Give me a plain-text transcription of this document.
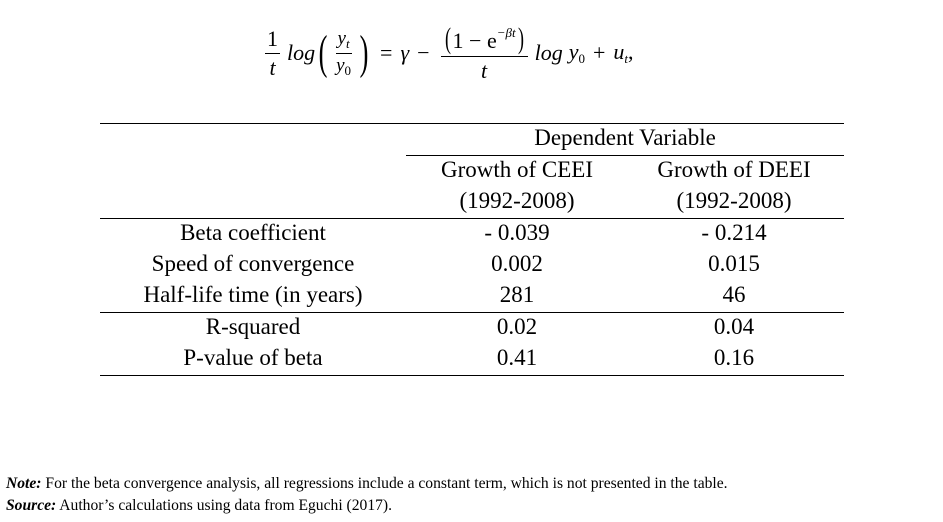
$\frac{1}{t}$ log ( $\frac{y_t}{y_0}$ ) = $\gamma - \frac{(1 - e^{-\beta t})}{t}$ $\log y_0 + u_t$,
Dependent Variable
Growth of CEEI
(1992-2008)
Growth of DEEI
(1992-2008)
Beta coefficient	- 0.039	- 0.214
Speed of convergence	0.002	0.015
Half-life time (in years)	281	46
R-squared	0.02	0.04
P-value of beta	0.41	0.16
Note: For the beta convergence analysis, all regressions include a constant term, which is not presented in the table.
Source: Author’s calculations using data from Eguchi (2017).
